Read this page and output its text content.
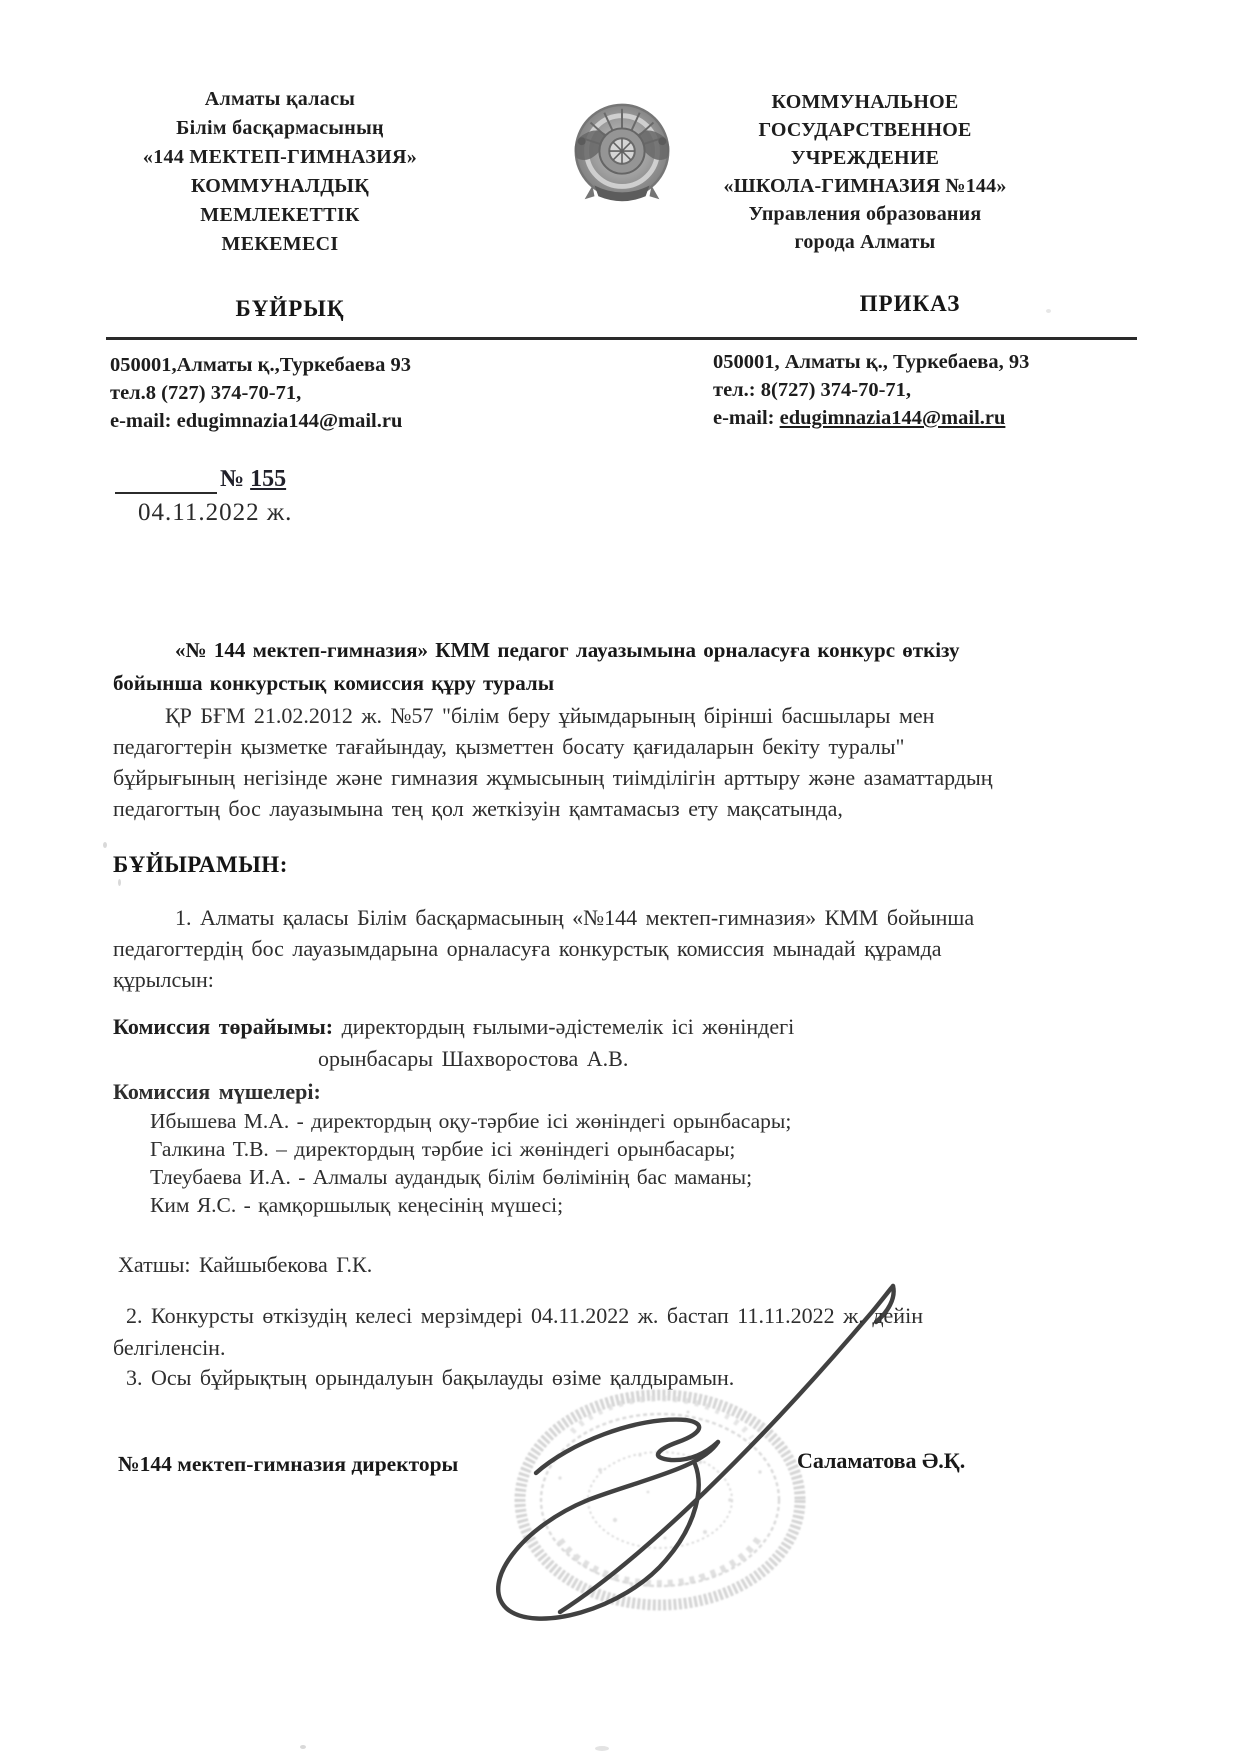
Алматы қаласы
Білім басқармасының
«144 МЕКТЕП-ГИМНАЗИЯ»
КОММУНАЛДЫҚ
МЕМЛЕКЕТТІК
МЕКЕМЕСІ
КОММУНАЛЬНОЕ
ГОСУДАРСТВЕННОЕ
УЧРЕЖДЕНИЕ
«ШКОЛА-ГИМНАЗИЯ №144»
Управления образования
города Алматы
БҰЙРЫҚ	ПРИКАЗ
050001,Алматы қ.,Туркебаева 93
тел.8 (727) 374-70-71,
e-mail: edugimnazia144@mail.ru
050001, Алматы қ., Туркебаева, 93
тел.: 8(727) 374-70-71,
e-mail: edugimnazia144@mail.ru
№ 155
04.11.2022 ж.
«№ 144 мектеп-гимназия» КММ педагог лауазымына орналасуға конкурс өткізу
бойынша конкурстық комиссия құру туралы
ҚР БҒМ 21.02.2012 ж. №57 "білім беру ұйымдарының бірінші басшылары мен
педагогтерін қызметке тағайындау, қызметтен босату қағидаларын бекіту туралы"
бұйрығының негізінде және гимназия жұмысының тиімділігін арттыру және азаматтардың
педагогтың бос лауазымына тең қол жеткізуін қамтамасыз ету мақсатында,
БҰЙЫРАМЫН:
1. Алматы қаласы Білім басқармасының «№144 мектеп-гимназия» КММ бойынша
педагогтердің бос лауазымдарына орналасуға конкурстық комиссия мынадай құрамда
құрылсын:
Комиссия төрайымы: директордың ғылыми-әдістемелік ісі жөніндегі
орынбасары Шахворостова А.В.
Комиссия мүшелері:
Ибышева М.А. - директордың оқу-тәрбие ісі жөніндегі орынбасары;
Галкина Т.В. – директордың тәрбие ісі жөніндегі орынбасары;
Тлеубаева И.А. - Алмалы аудандық білім бөлімінің бас маманы;
Ким Я.С. - қамқоршылық кеңесінің мүшесі;
Хатшы: Кайшыбекова Г.К.
2. Конкурсты өткізудің келесі мерзімдері 04.11.2022 ж. бастап 11.11.2022 ж. дейін
белгіленсін.
3. Осы бұйрықтың орындалуын бақылауды өзіме қалдырамын.
№144 мектеп-гимназия директоры	Саламатова Ә.Қ.
